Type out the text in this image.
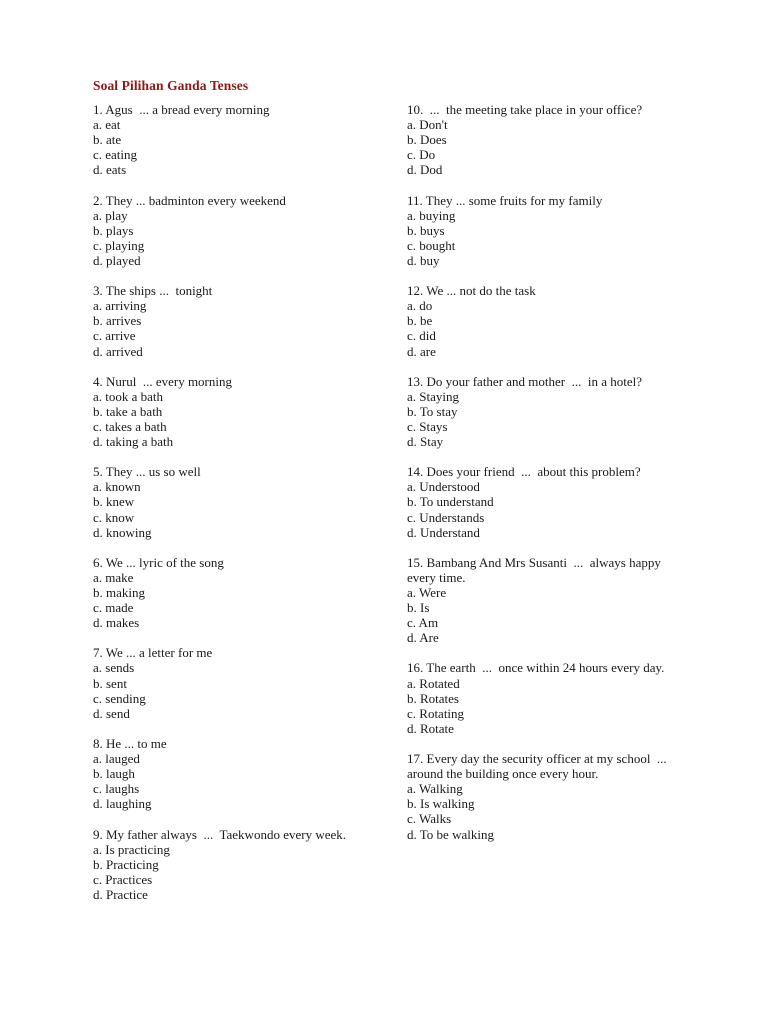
Soal Pilihan Ganda Tenses
1. Agus  ... a bread every morning
a. eat
b. ate
c. eating
d. eats
2. They ... badminton every weekend
a. play
b. plays
c. playing
d. played
3. The ships ...  tonight
a. arriving
b. arrives
c. arrive
d. arrived
4. Nurul  ... every morning
a. took a bath
b. take a bath
c. takes a bath
d. taking a bath
5. They ... us so well
a. known
b. knew
c. know
d. knowing
6. We ... lyric of the song
a. make
b. making
c. made
d. makes
7. We ... a letter for me
a. sends
b. sent
c. sending
d. send
8. He ... to me
a. lauged
b. laugh
c. laughs
d. laughing
9. My father always  ...  Taekwondo every week.
a. Is practicing
b. Practicing
c. Practices
d. Practice
10.  ...  the meeting take place in your office?
a. Don't
b. Does
c. Do
d. Dod
11. They ... some fruits for my family
a. buying
b. buys
c. bought
d. buy
12. We ... not do the task
a. do
b. be
c. did
d. are
13. Do your father and mother  ...  in a hotel?
a. Staying
b. To stay
c. Stays
d. Stay
14. Does your friend  ...  about this problem?
a. Understood
b. To understand
c. Understands
d. Understand
15. Bambang And Mrs Susanti  ...  always happy every time.
a. Were
b. Is
c. Am
d. Are
16. The earth  ...  once within 24 hours every day.
a. Rotated
b. Rotates
c. Rotating
d. Rotate
17. Every day the security officer at my school  ...  around the building once every hour.
a. Walking
b. Is walking
c. Walks
d. To be walking
